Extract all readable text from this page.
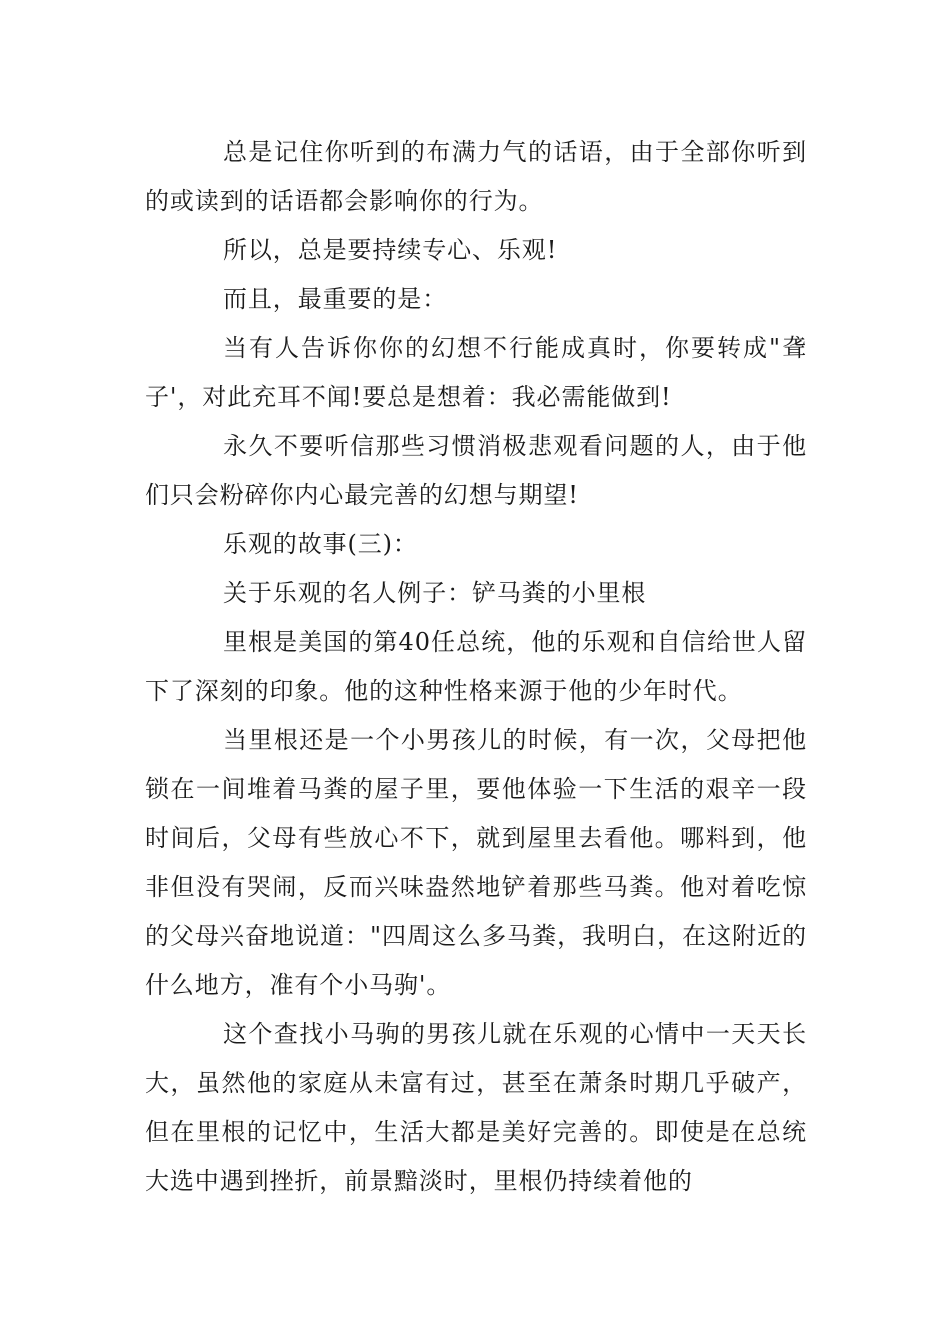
总是记住你听到的布满力气的话语，由于全部你听到的或读到的话语都会影响你的行为。

所以，总是要持续专心、乐观!

而且，最重要的是：

当有人告诉你你的幻想不行能成真时，你要转成"聋子'，对此充耳不闻!要总是想着：我必需能做到!

永久不要听信那些习惯消极悲观看问题的人，由于他们只会粉碎你内心最完善的幻想与期望!

乐观的故事(三)：

关于乐观的名人例子：铲马粪的小里根

里根是美国的第40任总统，他的乐观和自信给世人留下了深刻的印象。他的这种性格来源于他的少年时代。

当里根还是一个小男孩儿的时候，有一次，父母把他锁在一间堆着马粪的屋子里，要他体验一下生活的艰辛一段时间后，父母有些放心不下，就到屋里去看他。哪料到，他非但没有哭闹，反而兴味盎然地铲着那些马粪。他对着吃惊的父母兴奋地说道："四周这么多马粪，我明白，在这附近的什么地方，准有个小马驹'。

这个查找小马驹的男孩儿就在乐观的心情中一天天长大，虽然他的家庭从未富有过，甚至在萧条时期几乎破产，但在里根的记忆中，生活大都是美好完善的。即使是在总统大选中遇到挫折，前景黯淡时，里根仍持续着他的
